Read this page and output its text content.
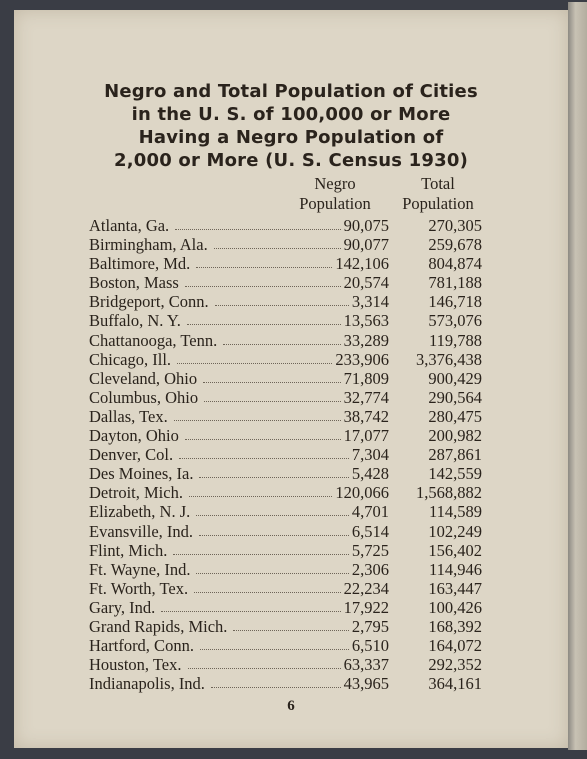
Negro and Total Population of Cities
in the U. S. of 100,000 or More
Having a Negro Population of
2,000 or More (U. S. Census 1930)
Negro
Population
Total
Population
Atlanta, Ga.	90,075 270,305
Birmingham, Ala.	90,077 259,678
Baltimore, Md.	142,106 804,874
Boston, Mass	20,574 781,188
Bridgeport, Conn.	3,314 146,718
Buffalo, N. Y.	13,563 573,076
Chattanooga, Tenn.	33,289 119,788
Chicago, Ill.	233,906 3,376,438
Cleveland, Ohio	71,809 900,429
Columbus, Ohio	32,774 290,564
Dallas, Tex.	38,742 280,475
Dayton, Ohio	17,077 200,982
Denver, Col.	7,304 287,861
Des Moines, Ia.	5,428 142,559
Detroit, Mich.	120,066 1,568,882
Elizabeth, N. J.	4,701 114,589
Evansville, Ind.	6,514 102,249
Flint, Mich.	5,725 156,402
Ft. Wayne, Ind.	2,306 114,946
Ft. Worth, Tex.	22,234 163,447
Gary, Ind.	17,922 100,426
Grand Rapids, Mich.	2,795 168,392
Hartford, Conn.	6,510 164,072
Houston, Tex.	63,337 292,352
Indianapolis, Ind.	43,965 364,161
6
